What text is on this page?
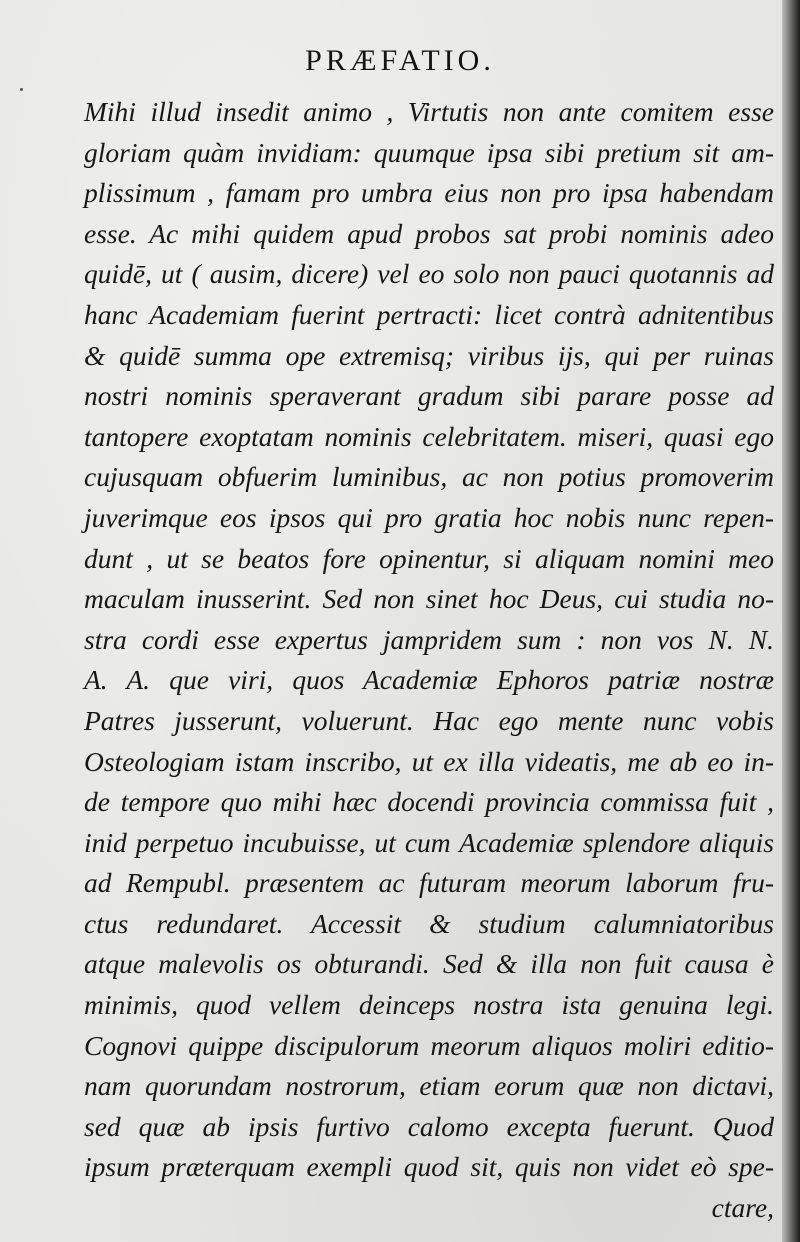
PRÆFATIO.
Mihi illud insedit animo , Virtutis non ante comitem esse
gloriam quàm invidiam: quumque ipsa sibi pretium sit am-
plissimum , famam pro umbra eius non pro ipsa habendam
esse. Ac mihi quidem apud probos sat probi nominis adeo
quidē, ut ( ausim, dicere) vel eo solo non pauci quotannis ad
hanc Academiam fuerint pertracti: licet contrà adnitentibus
& quidē summa ope extremisq; viribus ijs, qui per ruinas
nostri nominis speraverant gradum sibi parare posse ad
tantopere exoptatam nominis celebritatem. miseri, quasi ego
cujusquam obfuerim luminibus, ac non potius promoverim
juverimque eos ipsos qui pro gratia hoc nobis nunc repen-
dunt , ut se beatos fore opinentur, si aliquam nomini meo
maculam inusserint. Sed non sinet hoc Deus, cui studia no-
stra cordi esse expertus jampridem sum : non vos N. N.
A. A. que viri, quos Academiæ Ephoros patriæ nostræ
Patres jusserunt, voluerunt. Hac ego mente nunc vobis
Osteologiam istam inscribo, ut ex illa videatis, me ab eo in-
de tempore quo mihi hæc docendi provincia commissa fuit ,
inid perpetuo incubuisse, ut cum Academiæ splendore aliquis
ad Rempubl. præsentem ac futuram meorum laborum fru-
ctus redundaret. Accessit & studium calumniatoribus
atque malevolis os obturandi. Sed & illa non fuit causa è
minimis, quod vellem deinceps nostra ista genuina legi.
Cognovi quippe discipulorum meorum aliquos moliri editio-
nam quorundam nostrorum, etiam eorum quæ non dictavi,
sed quæ ab ipsis furtivo calomo excepta fuerunt. Quod
ipsum præterquam exempli quod sit, quis non videt eò spe-
ctare,
